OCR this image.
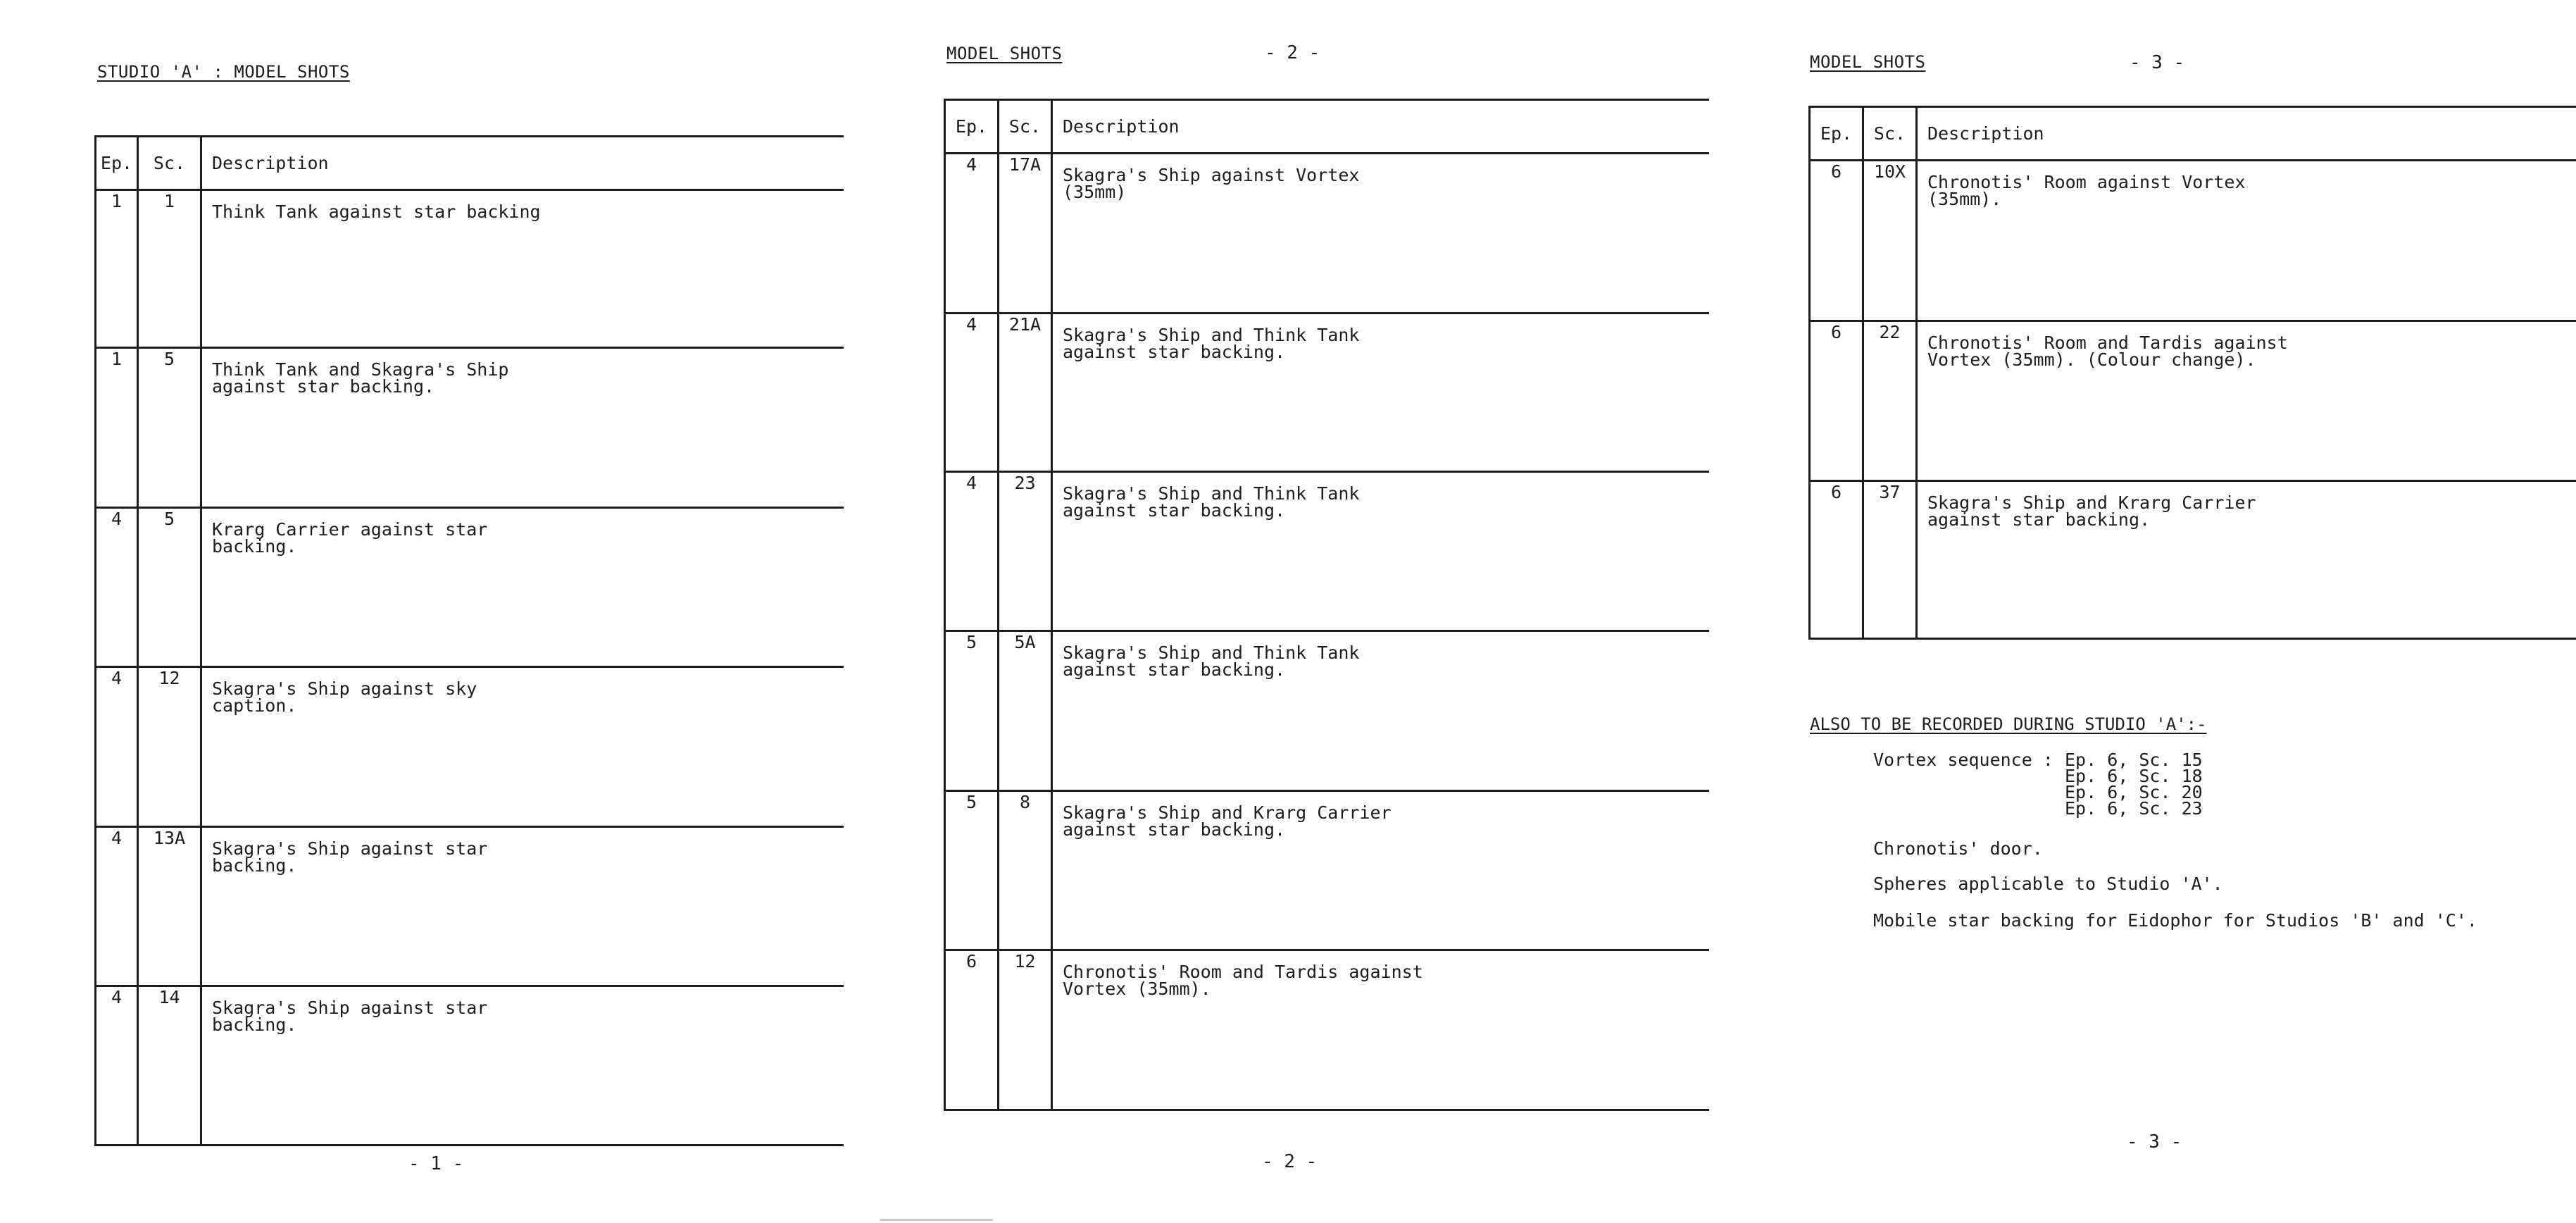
STUDIO 'A' : MODEL SHOTS
Ep.	Sc.	Description
1	1	Think Tank against star backing
1	5	Think Tank and Skagra's Ship
against star backing.
4	5	Krarg Carrier against star
backing.
4	12	Skagra's Ship against sky
caption.
4	13A	Skagra's Ship against star
backing.
4	14	Skagra's Ship against star
backing.
- 1 -
MODEL SHOTS	- 2 -
Ep.	Sc.	Description
4	17A	Skagra's Ship against Vortex
(35mm)
4	21A	Skagra's Ship and Think Tank
against star backing.
4	23	Skagra's Ship and Think Tank
against star backing.
5	5A	Skagra's Ship and Think Tank
against star backing.
5	8	Skagra's Ship and Krarg Carrier
against star backing.
6	12	Chronotis' Room and Tardis against
Vortex (35mm).
- 2 -
MODEL SHOTS	- 3 -
Ep.	Sc.	Description
6	10X	Chronotis' Room against Vortex
(35mm).
6	22	Chronotis' Room and Tardis against
Vortex (35mm). (Colour change).
6	37	Skagra's Ship and Krarg Carrier
against star backing.
ALSO TO BE RECORDED DURING STUDIO 'A':-
Vortex sequence : Ep. 6, Sc. 15
Ep. 6, Sc. 18
Ep. 6, Sc. 20
Ep. 6, Sc. 23
Chronotis' door.
Spheres applicable to Studio 'A'.
Mobile star backing for Eidophor for Studios 'B' and 'C'.
- 3 -
